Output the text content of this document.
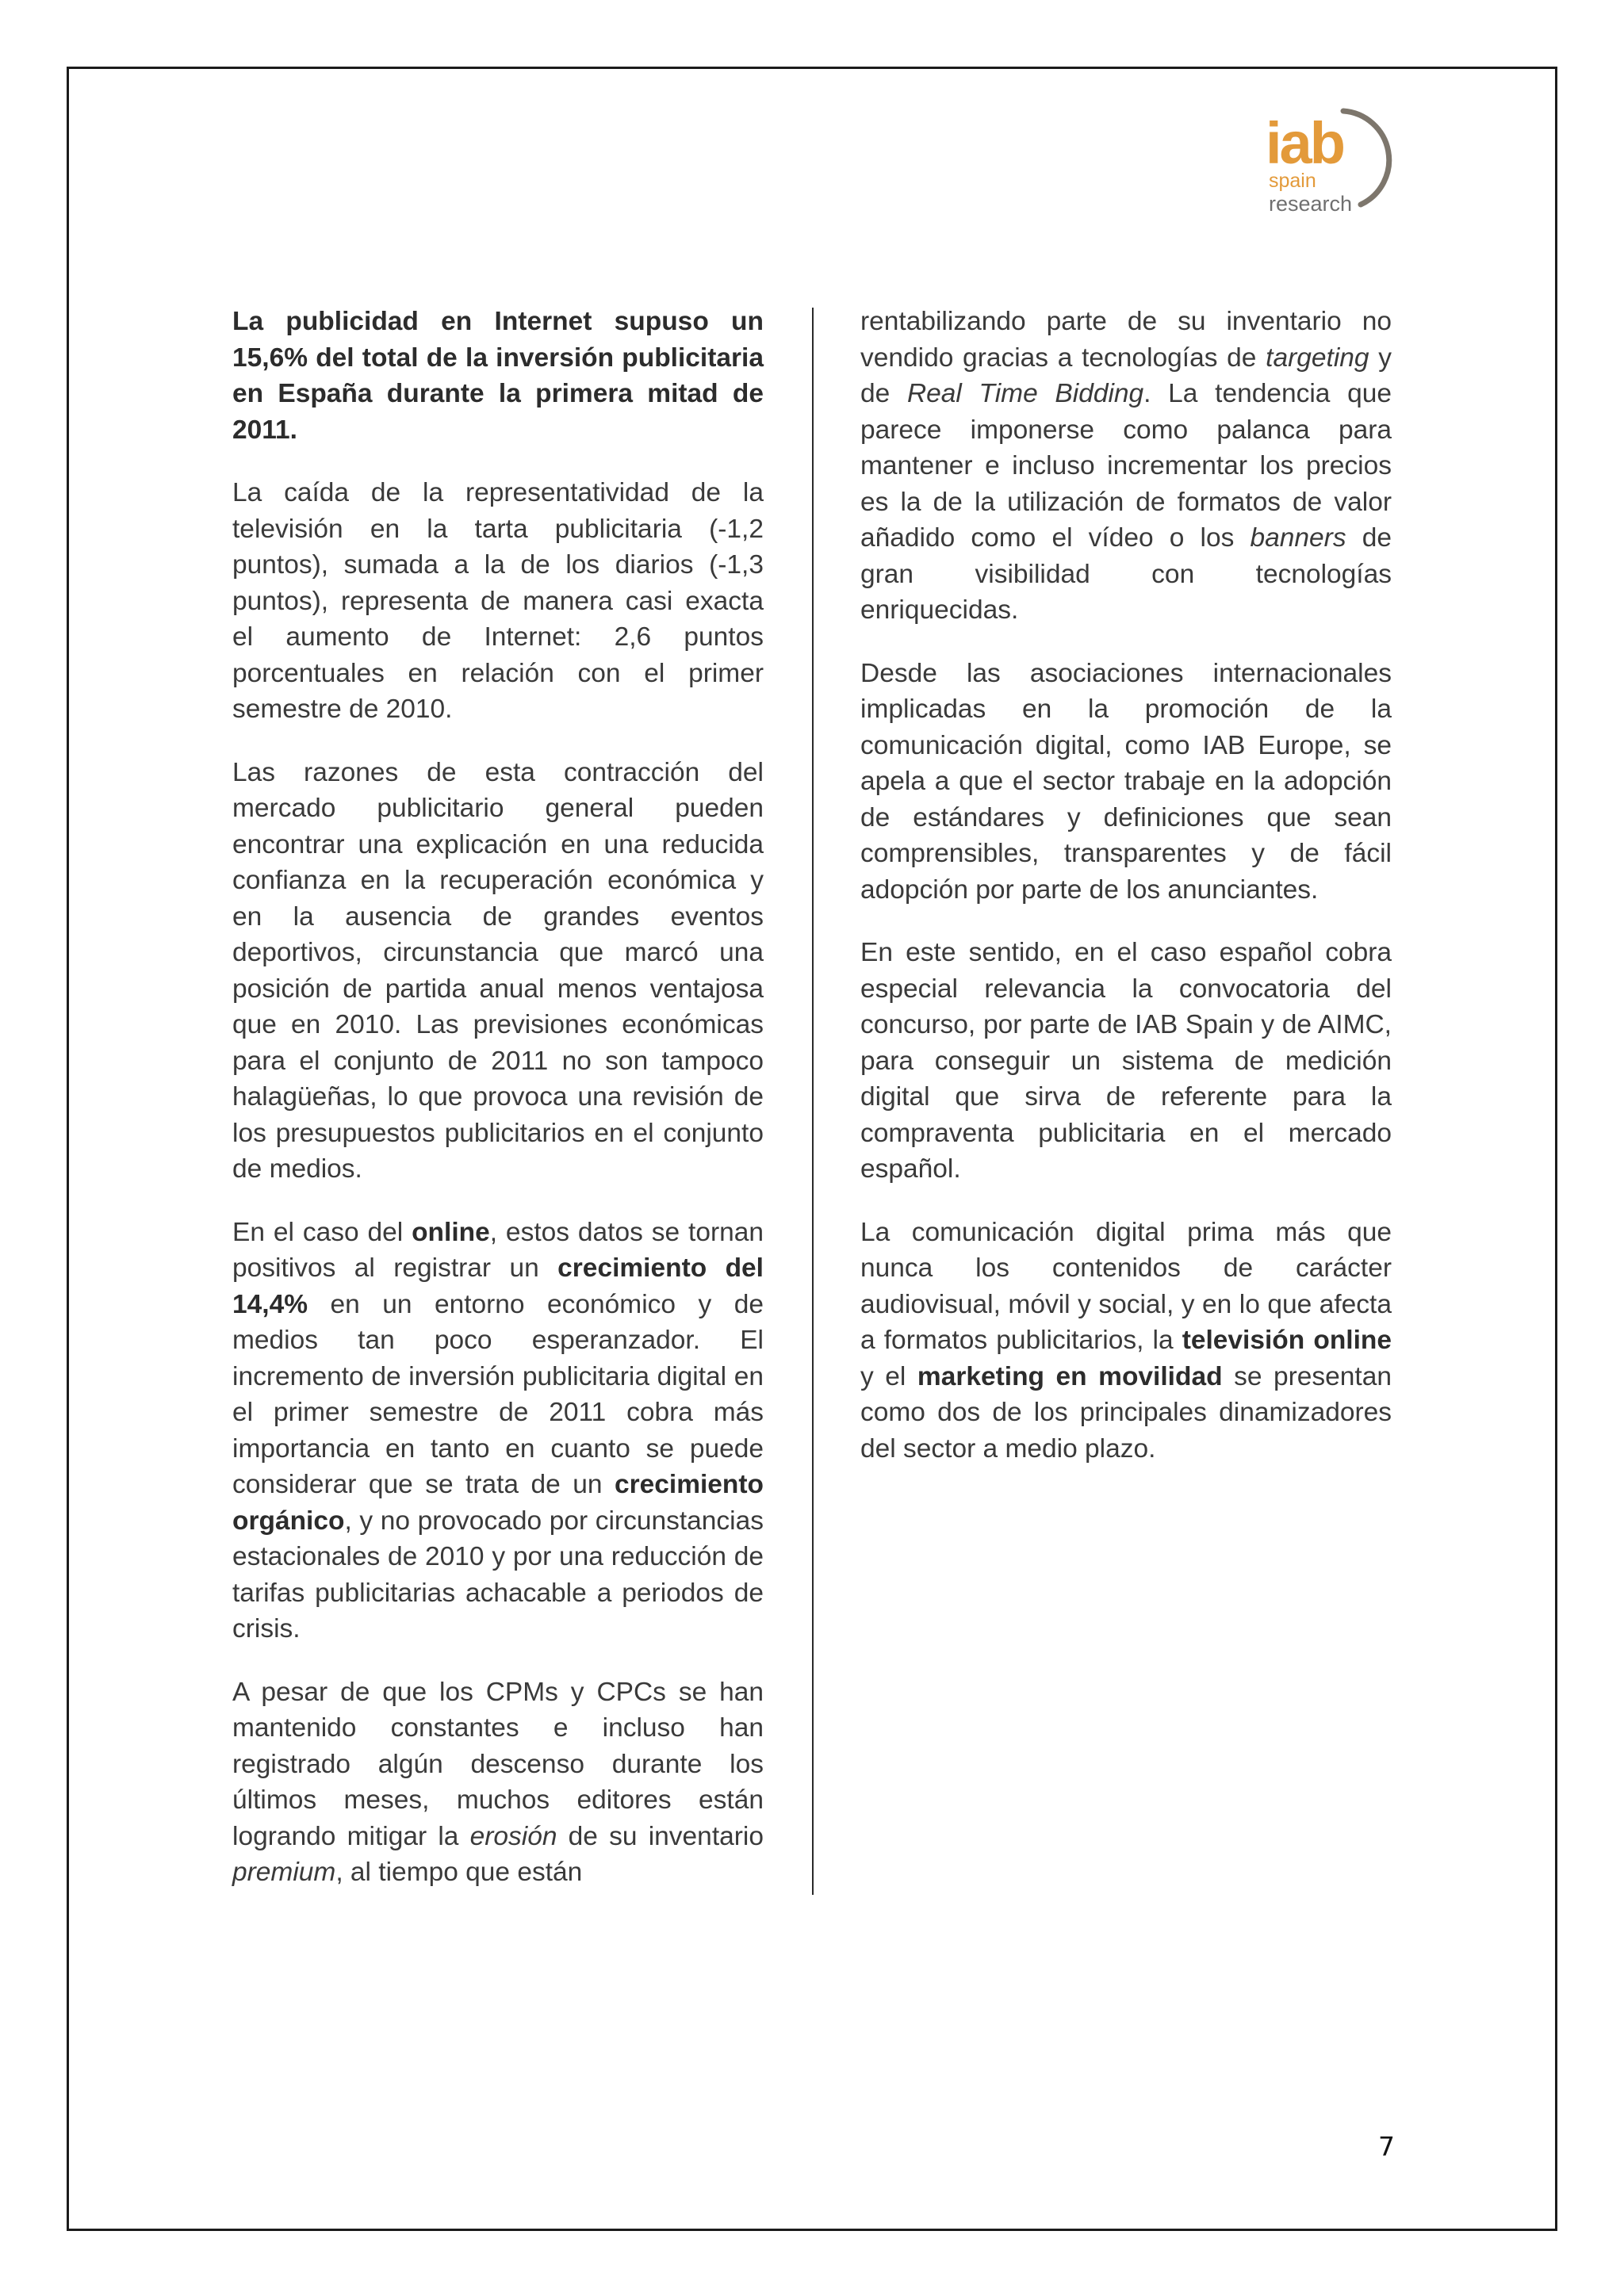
iab
spain
research

La publicidad en Internet supuso un 15,6% del total de la inversión publicitaria en España durante la primera mitad de 2011.

La caída de la representatividad de la televisión en la tarta publicitaria (-1,2 puntos), sumada a la de los diarios (-1,3 puntos), representa de manera casi exacta el aumento de Internet: 2,6 puntos porcentuales en relación con el primer semestre de 2010.

Las razones de esta contracción del mercado publicitario general pueden encontrar una explicación en una reducida confianza en la recuperación económica y en la ausencia de grandes eventos deportivos, circunstancia que marcó una posición de partida anual menos ventajosa que en 2010. Las previsiones económicas para el conjunto de 2011 no son tampoco halagüeñas, lo que provoca una revisión de los presupuestos publicitarios en el conjunto de medios.

En el caso del online, estos datos se tornan positivos al registrar un crecimiento del 14,4% en un entorno económico y de medios tan poco esperanzador. El incremento de inversión publicitaria digital en el primer semestre de 2011 cobra más importancia en tanto en cuanto se puede considerar que se trata de un crecimiento orgánico, y no provocado por circunstancias estacionales de 2010 y por una reducción de tarifas publicitarias achacable a periodos de crisis.

A pesar de que los CPMs y CPCs se han mantenido constantes e incluso han registrado algún descenso durante los últimos meses, muchos editores están logrando mitigar la erosión de su inventario premium, al tiempo que están

rentabilizando parte de su inventario no vendido gracias a tecnologías de targeting y de Real Time Bidding. La tendencia que parece imponerse como palanca para mantener e incluso incrementar los precios es la de la utilización de formatos de valor añadido como el vídeo o los banners de gran visibilidad con tecnologías enriquecidas.

Desde las asociaciones internacionales implicadas en la promoción de la comunicación digital, como IAB Europe, se apela a que el sector trabaje en la adopción de estándares y definiciones que sean comprensibles, transparentes y de fácil adopción por parte de los anunciantes.

En este sentido, en el caso español cobra especial relevancia la convocatoria del concurso, por parte de IAB Spain y de AIMC, para conseguir un sistema de medición digital que sirva de referente para la compraventa publicitaria en el mercado español.

La comunicación digital prima más que nunca los contenidos de carácter audiovisual, móvil y social, y en lo que afecta a formatos publicitarios, la televisión online y el marketing en movilidad se presentan como dos de los principales dinamizadores del sector a medio plazo.

7
